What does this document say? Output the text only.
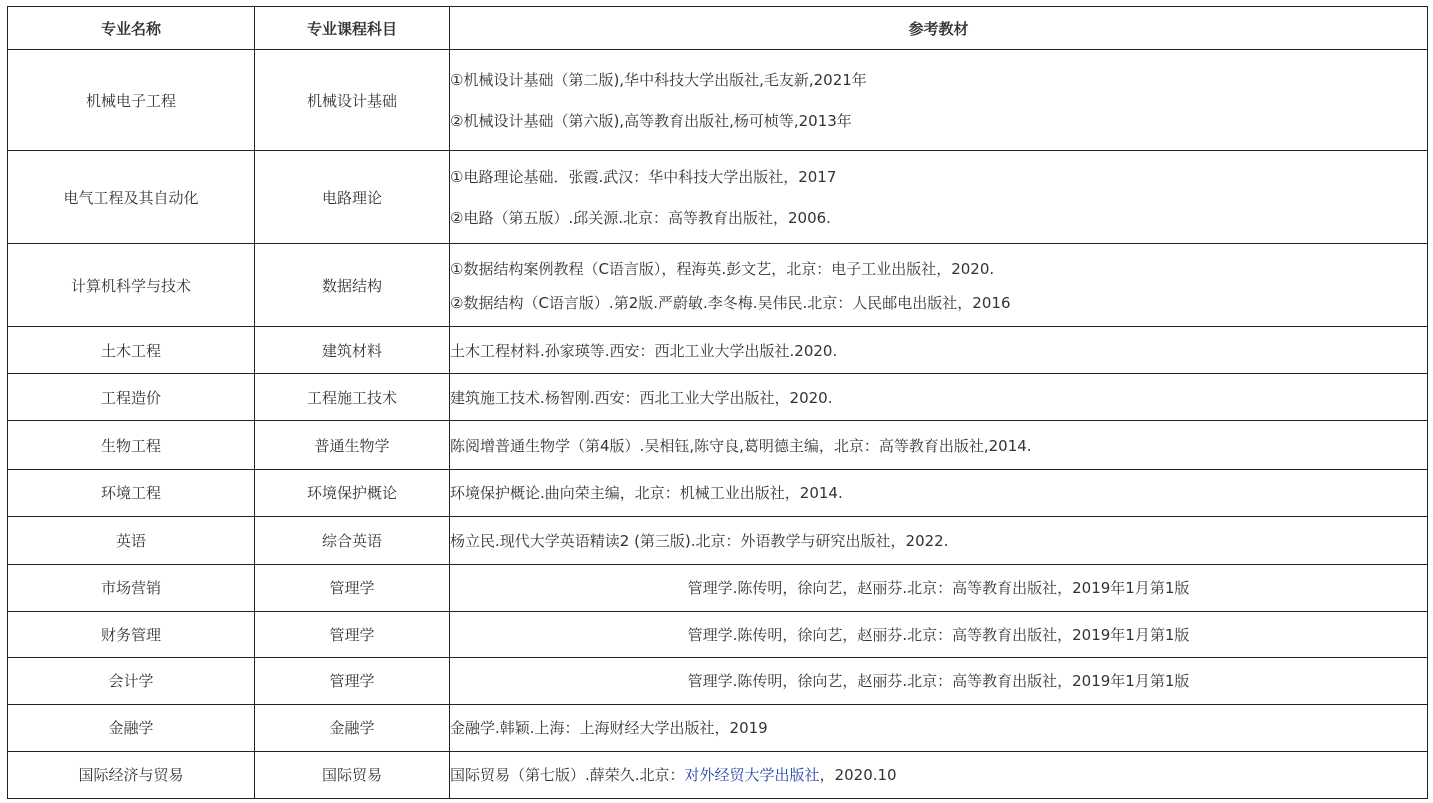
专业名称	专业课程科目	参考教材
机械电子工程	机械设计基础	①机械设计基础（第二版),华中科技大学出版社,毛友新,2021年
②机械设计基础（第六版),高等教育出版社,杨可桢等,2013年

电气工程及其自动化	电路理论	①电路理论基础．张霞.武汉：华中科技大学出版社，2017
②电路（第五版）.邱关源.北京：高等教育出版社，2006.

计算机科学与技术	数据结构	①数据结构案例教程（C语言版），程海英.彭文艺，北京：电子工业出版社，2020.
②数据结构（C语言版）.第2版.严蔚敏.李冬梅.吴伟民.北京：人民邮电出版社，2016

土木工程	建筑材料	土木工程材料.孙家瑛等.西安：西北工业大学出版社.2020.

工程造价	工程施工技术	建筑施工技术.杨智刚.西安：西北工业大学出版社，2020.

生物工程	普通生物学	陈阅增普通生物学（第4版）.吴相钰,陈守良,葛明德主编，北京：高等教育出版社,2014.

环境工程	环境保护概论	环境保护概论.曲向荣主编，北京：机械工业出版社，2014.

英语	综合英语	杨立民.现代大学英语精读2 (第三版).北京：外语教学与研究出版社，2022.

市场营销	管理学	管理学.陈传明，徐向艺，赵丽芬.北京：高等教育出版社，2019年1月第1版

财务管理	管理学	管理学.陈传明，徐向艺，赵丽芬.北京：高等教育出版社，2019年1月第1版

会计学	管理学	管理学.陈传明，徐向艺，赵丽芬.北京：高等教育出版社，2019年1月第1版

金融学	金融学	金融学.韩颖.上海：上海财经大学出版社，2019

国际经济与贸易	国际贸易	国际贸易（第七版）.薛荣久.北京：对外经贸大学出版社，2020.10
